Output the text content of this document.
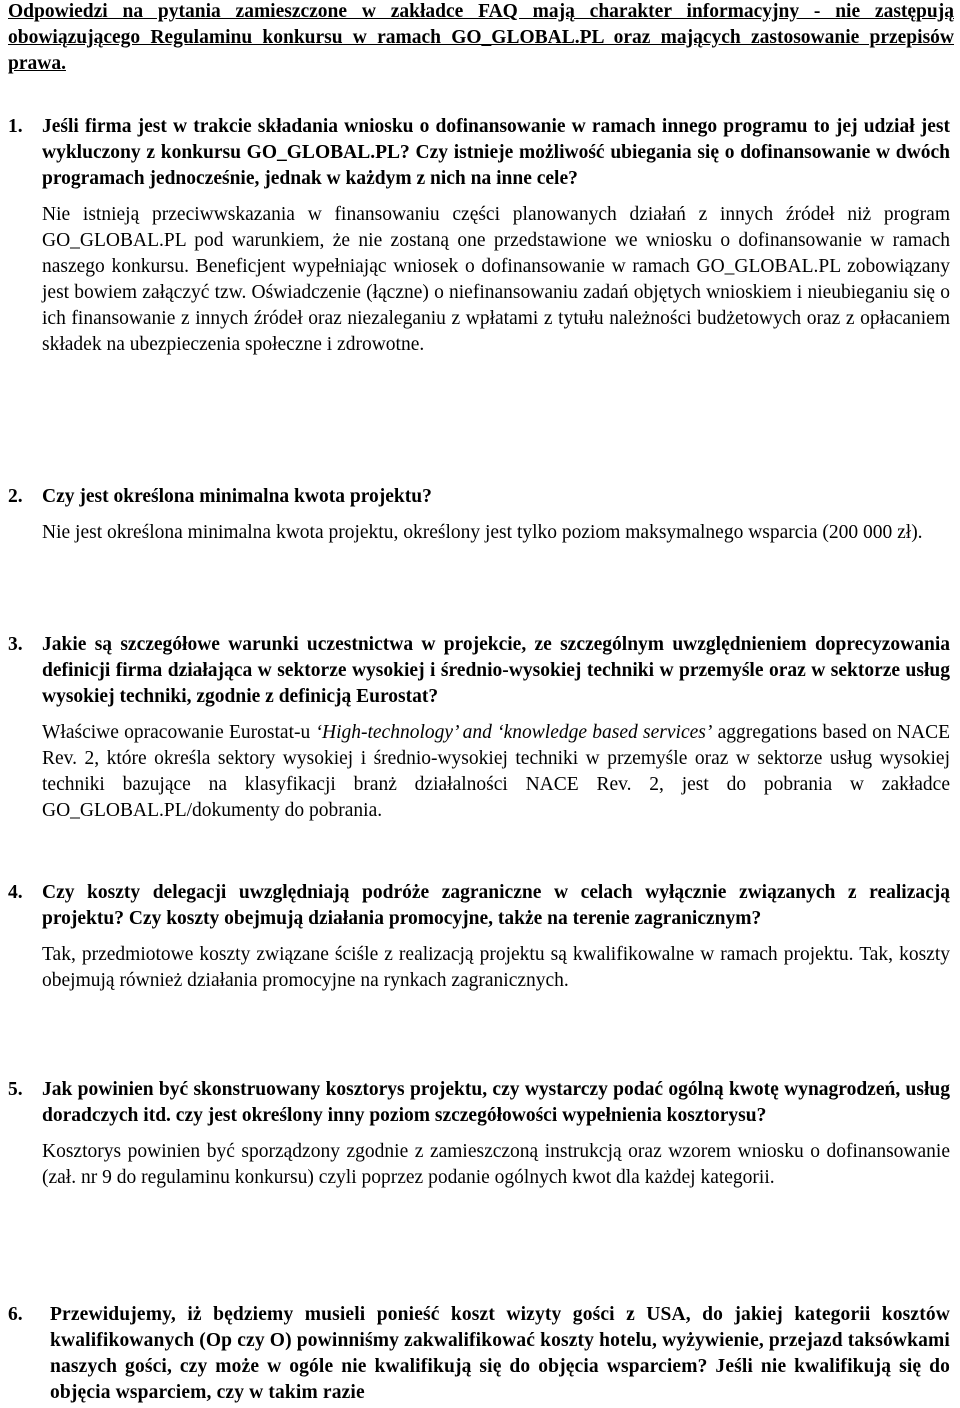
Odpowiedzi na pytania zamieszczone w zakładce FAQ mają charakter informacyjny - nie zastępują obowiązującego Regulaminu konkursu w ramach GO_GLOBAL.PL oraz mających zastosowanie przepisów prawa.
1. Jeśli firma jest w trakcie składania wniosku o dofinansowanie w ramach innego programu to jej udział jest wykluczony z konkursu GO_GLOBAL.PL? Czy istnieje możliwość ubiegania się o dofinansowanie w dwóch programach jednocześnie, jednak w każdym z nich na inne cele?
Nie istnieją przeciwwskazania w finansowaniu części planowanych działań z innych źródeł niż program GO_GLOBAL.PL pod warunkiem, że nie zostaną one przedstawione we wniosku o dofinansowanie w ramach naszego konkursu. Beneficjent wypełniając wniosek o dofinansowanie w ramach GO_GLOBAL.PL zobowiązany jest bowiem załączyć tzw. Oświadczenie (łączne) o niefinansowaniu zadań objętych wnioskiem i nieubieganiu się o ich finansowanie z innych źródeł oraz niezaleganiu z wpłatami z tytułu należności budżetowych oraz z opłacaniem składek na ubezpieczenia społeczne i zdrowotne.
2. Czy jest określona minimalna kwota projektu?
Nie jest określona minimalna kwota projektu, określony jest tylko poziom maksymalnego wsparcia (200 000 zł).
3. Jakie są szczegółowe warunki uczestnictwa w projekcie, ze szczególnym uwzględnieniem doprecyzowania definicji firma działająca w sektorze wysokiej i średnio-wysokiej techniki w przemyśle oraz w sektorze usług wysokiej techniki, zgodnie z definicją Eurostat?
Właściwe opracowanie Eurostat-u ‘High-technology’ and ‘knowledge based services’ aggregations based on NACE Rev. 2, które określa sektory wysokiej i średnio-wysokiej techniki w przemyśle oraz w sektorze usług wysokiej techniki bazujące na klasyfikacji branż działalności NACE Rev. 2, jest do pobrania w zakładce GO_GLOBAL.PL/dokumenty do pobrania.
4. Czy koszty delegacji uwzględniają podróże zagraniczne w celach wyłącznie związanych z realizacją projektu? Czy koszty obejmują działania promocyjne, także na terenie zagranicznym?
Tak, przedmiotowe koszty związane ściśle z realizacją projektu są kwalifikowalne w ramach projektu. Tak, koszty obejmują również działania promocyjne na rynkach zagranicznych.
5. Jak powinien być skonstruowany kosztorys projektu, czy wystarczy podać ogólną kwotę wynagrodzeń, usług doradczych itd. czy jest określony inny poziom szczegółowości wypełnienia kosztorysu?
Kosztorys powinien być sporządzony zgodnie z zamieszczoną instrukcją oraz wzorem wniosku o dofinansowanie (zał. nr 9 do regulaminu konkursu) czyli poprzez podanie ogólnych kwot dla każdej kategorii.
6.	Przewidujemy, iż będziemy musieli ponieść koszt wizyty gości z USA, do jakiej kategorii kosztów kwalifikowanych (Op czy O) powinniśmy zakwalifikować koszty hotelu, wyżywienie, przejazd taksówkami naszych gości, czy może w ogóle nie kwalifikują się do objęcia wsparciem? Jeśli nie kwalifikują się do objęcia wsparciem, czy w takim razie
